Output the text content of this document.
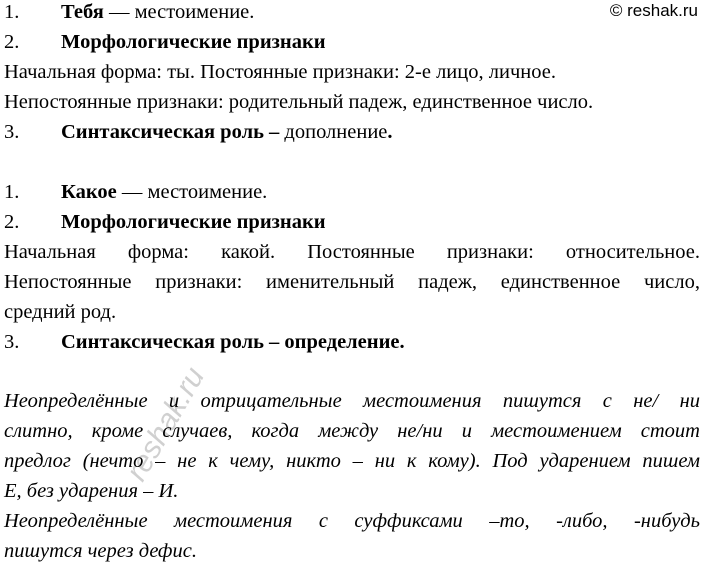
© reshak.ru
reshak.ru
1. Тебя — местоимение.
2. Морфологические признаки
Начальная форма: ты. Постоянные признаки: 2-е лицо, личное.
Непостоянные признаки: родительный падеж, единственное число.
3. Синтаксическая роль – дополнение.
1. Какое — местоимение.
2. Морфологические признаки
Начальная форма: какой. Постоянные признаки: относительное.
Непостоянные признаки: именительный падеж, единственное число,
средний род.
3. Синтаксическая роль – определение.
Неопределённые и отрицательные местоимения пишутся с не/ ни
слитно, кроме случаев, когда между не/ни и местоимением стоит
предлог (нечто – не к чему, никто – ни к кому). Под ударением пишем
Е, без ударения – И.
Неопределённые местоимения с суффиксами –то, -либо, -нибудь
пишутся через дефис.
